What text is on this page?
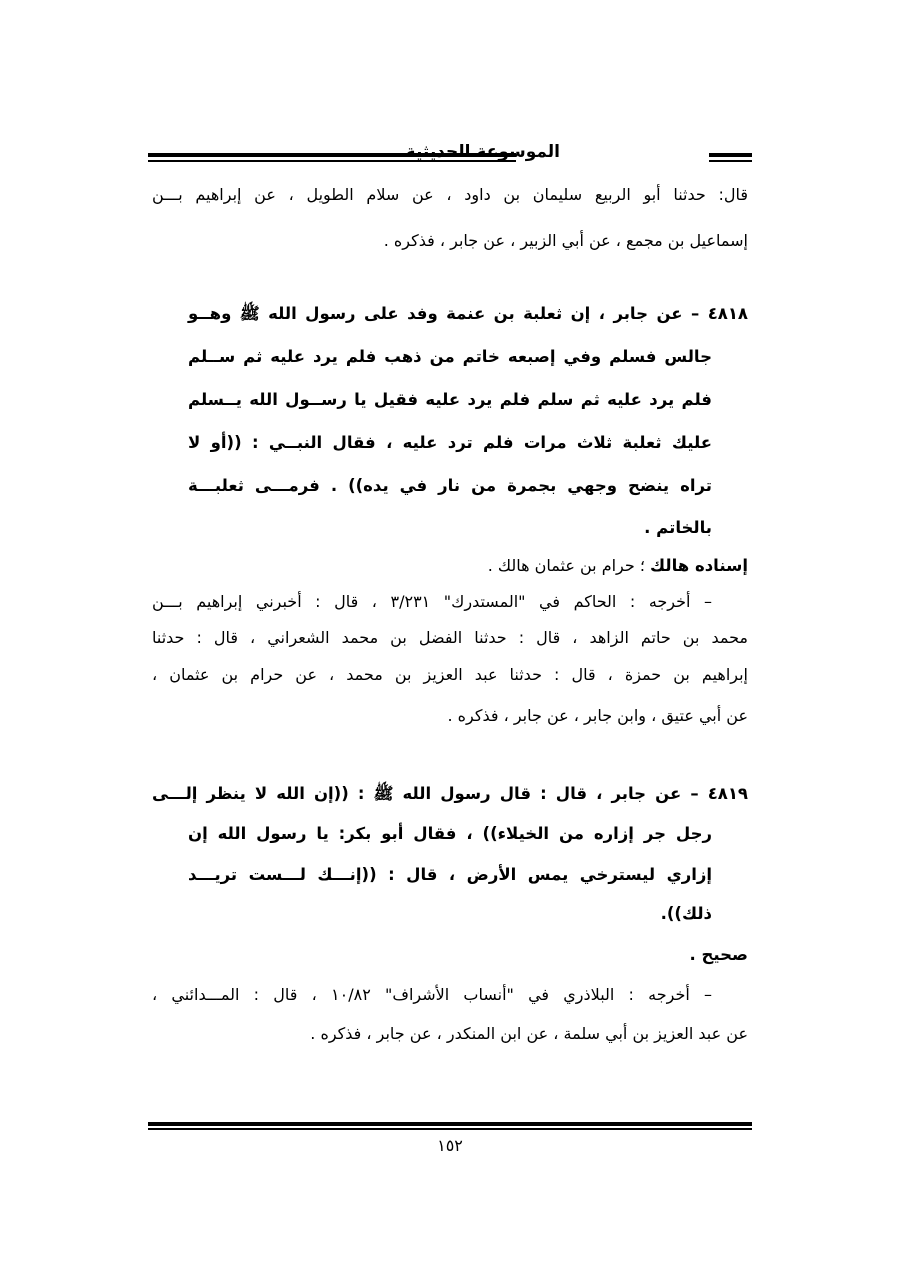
الموسوعة الحديثية
قال: حدثنا أبو الربيع سليمان بن داود ، عن سلام الطويل ، عن إبراهيم بـــن
إسماعيل بن مجمع ، عن أبي الزبير ، عن جابر ، فذكره .
٤٨١٨ – عن جابر ، إن ثعلبة بن عنمة وفد على رسول الله ﷺ وهــو
جالس فسلم وفي إصبعه خاتم من ذهب فلم يرد عليه ثم ســلم
فلم يرد عليه ثم سلم فلم يرد عليه فقيل يا رســول الله يــسلم
عليك ثعلبة ثلاث مرات فلم ترد عليه ، فقال النبــي : ((أو لا
تراه ينضح وجهي بجمرة من نار في يده)) . فرمـــى ثعلبـــة
بالخاتم .
إسناده هالك ؛ حرام بن عثمان هالك .
– أخرجه : الحاكم في "المستدرك" ٣/٢٣١ ، قال : أخبرني إبراهيم بـــن
محمد بن حاتم الزاهد ، قال : حدثنا الفضل بن محمد الشعراني ، قال : حدثنا
إبراهيم بن حمزة ، قال : حدثنا عبد العزيز بن محمد ، عن حرام بن عثمان ،
عن أبي عتيق ، وابن جابر ، عن جابر ، فذكره .
٤٨١٩ – عن جابر ، قال : قال رسول الله ﷺ : ((إن الله لا ينظر إلـــى
رجل جر إزاره من الخيلاء)) ، فقال أبو بكر: يا رسول الله إن
إزاري ليسترخي يمس الأرض ، قال : ((إنـــك لـــست تريـــد
ذلك)).
صحيح .
– أخرجه : البلاذري في "أنساب الأشراف" ١٠/٨٢ ، قال : المـــدائني ،
عن عبد العزيز بن أبي سلمة ، عن ابن المنكدر ، عن جابر ، فذكره .
١٥٢
